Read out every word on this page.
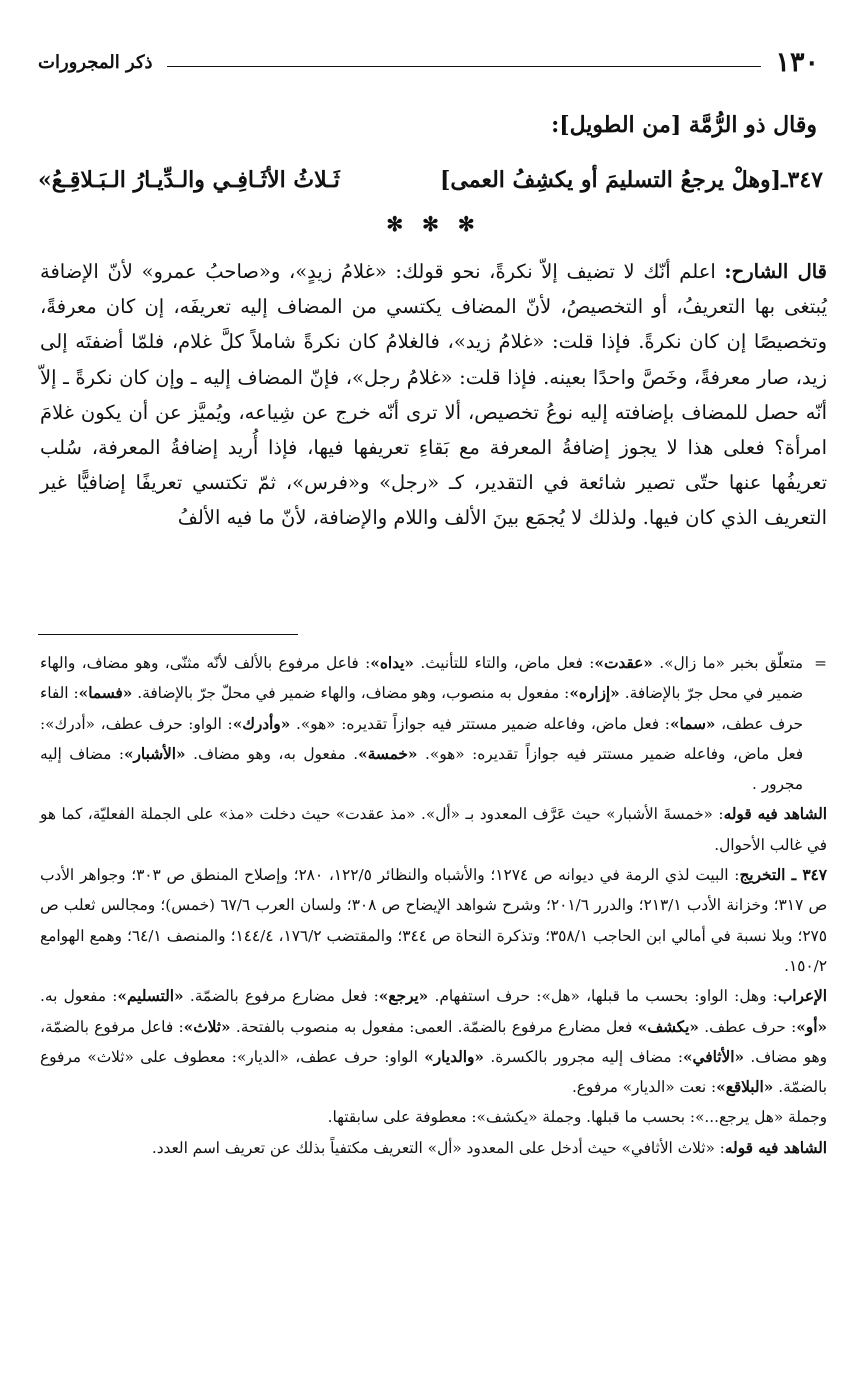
١٣٠
ذكر المجرورات
وقال ذو الرُّمَّة [من الطويل]:
٣٤٧ـ[وهلْ يرجعُ التسليمَ أو يكشِفُ العمى]
ثَـلاثُ الأثَـافِـي والـدِّيـارُ الـبَـلاقِـعُ»
✻ ✻ ✻
قال الشارح: اعلم أنّك لا تضيف إلاّ نكرةً، نحو قولك: «غلامُ زيدٍ»، و«صاحبُ عمرو» لأنّ الإضافة يُبتغى بها التعريفُ، أو التخصيصُ، لأنّ المضاف يكتسي من المضاف إليه تعريفَه، إن كان معرفةً، وتخصيصًا إن كان نكرةً. فإذا قلت: «غلامُ زيد»، فالغلامُ كان نكرةً شاملاً كلَّ غلام، فلمّا أضفتَه إلى زيد، صار معرفةً، وخَصَّ واحدًا بعينه. فإذا قلت: «غلامُ رجل»، فإنّ المضاف إليه ـ وإن كان نكرةً ـ إلاّ أنّه حصل للمضاف بإضافته إليه نوعُ تخصيص، ألا ترى أنّه خرج عن شِياعه، ويُميَّز عن أن يكون غلامَ امرأة؟ فعلى هذا لا يجوز إضافةُ المعرفة مع بَقاءِ تعريفها فيها، فإذا أُريد إضافةُ المعرفة، سُلب تعريفُها عنها حتّى تصير شائعة في التقدير، كـ «رجل» و«فرس»، ثمّ تكتسي تعريفًا إضافيًّا غير التعريف الذي كان فيها. ولذلك لا يُجمَع بينَ الألف واللام والإضافة، لأنّ ما فيه الألفُ
=
متعلّق بخبر «ما زال». «عقدت»: فعل ماض، والتاء للتأنيث. «يداه»: فاعل مرفوع بالألف لأنّه مثنّى، وهو مضاف، والهاء ضمير في محل جرّ بالإضافة. «إزاره»: مفعول به منصوب، وهو مضاف، والهاء ضمير في محلّ جرّ بالإضافة. «فسما»: الفاء حرف عطف، «سما»: فعل ماض، وفاعله ضمير مستتر فيه جوازاً تقديره: «هو». «وأدرك»: الواو: حرف عطف، «أدرك»: فعل ماض، وفاعله ضمير مستتر فيه جوازاً تقديره: «هو». «خمسة». مفعول به، وهو مضاف. «الأشبار»: مضاف إليه مجرور .

الشاهد فيه قوله: «خمسةَ الأشبار» حيث عَرَّف المعدود بـ «أل». «مذ عقدت» حيث دخلت «مذ» على الجملة الفعليّة، كما هو في غالب الأحوال.

٣٤٧ ـ التخريج: البيت لذي الرمة في ديوانه ص ١٢٧٤؛ والأشباه والنظائر ١٢٢/٥، ٢٨٠؛ وإصلاح المنطق ص ٣٠٣؛ وجواهر الأدب ص ٣١٧؛ وخزانة الأدب ٢١٣/١؛ والدرر ٢٠١/٦؛ وشرح شواهد الإيضاح ص ٣٠٨؛ ولسان العرب ٦٧/٦ (خمس)؛ ومجالس ثعلب ص ٢٧٥؛ وبلا نسبة في أمالي ابن الحاجب ٣٥٨/١؛ وتذكرة النحاة ص ٣٤٤؛ والمقتضب ١٧٦/٢، ١٤٤/٤؛ والمنصف ٦٤/١؛ وهمع الهوامع ١٥٠/٢.

الإعراب: وهل: الواو: بحسب ما قبلها، «هل»: حرف استفهام. «يرجع»: فعل مضارع مرفوع بالضمّة. «التسليم»: مفعول به. «أو»: حرف عطف. «يكشف» فعل مضارع مرفوع بالضمّة. العمى: مفعول به منصوب بالفتحة. «ثلاث»: فاعل مرفوع بالضمّة، وهو مضاف. «الأثافي»: مضاف إليه مجرور بالكسرة. «والديار» الواو: حرف عطف، «الديار»: معطوف على «ثلاث» مرفوع بالضمّة. «البلاقع»: نعت «الديار» مرفوع.

وجملة «هل يرجع...»: بحسب ما قبلها. وجملة «يكشف»: معطوفة على سابقتها.

الشاهد فيه قوله: «ثلاث الأثافي» حيث أدخل على المعدود «أل» التعريف مكتفياً بذلك عن تعريف اسم العدد.
